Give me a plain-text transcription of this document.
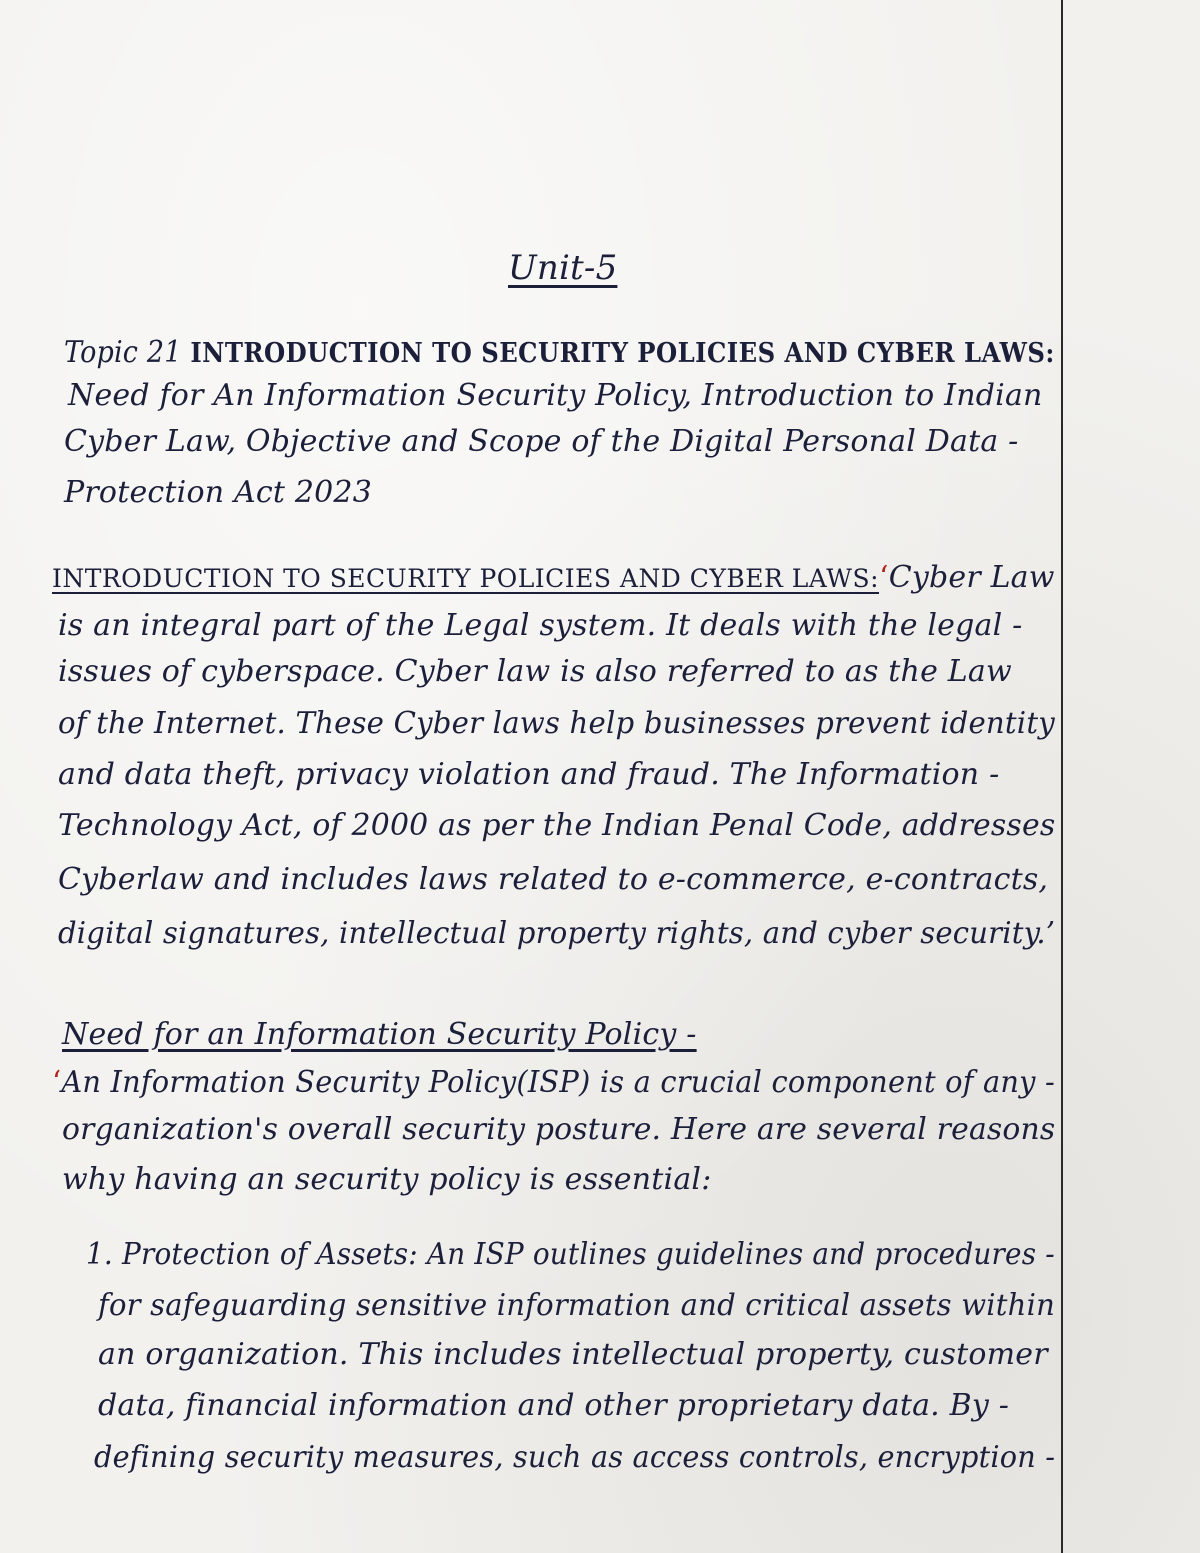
Unit-5
Topic 21 INTRODUCTION TO SECURITY POLICIES AND CYBER LAWS:
Need for An Information Security Policy, Introduction to Indian
Cyber Law, Objective and Scope of the Digital Personal Data -
Protection Act 2023
INTRODUCTION TO SECURITY POLICIES AND CYBER LAWS:‘Cyber Law
is an integral part of the Legal system. It deals with the legal -
issues of cyberspace. Cyber law is also referred to as the Law
of the Internet. These Cyber laws help businesses prevent identity
and data theft, privacy violation and fraud. The Information -
Technology Act, of 2000 as per the Indian Penal Code, addresses
Cyberlaw and includes laws related to e-commerce, e-contracts,
digital signatures, intellectual property rights, and cyber security.’
Need for an Information Security Policy -
‘An Information Security Policy(ISP) is a crucial component of any -
organization's overall security posture. Here are several reasons
why having an security policy is essential:
1. Protection of Assets: An ISP outlines guidelines and procedures -
for safeguarding sensitive information and critical assets within
an organization. This includes intellectual property, customer
data, financial information and other proprietary data. By -
defining security measures, such as access controls, encryption -
